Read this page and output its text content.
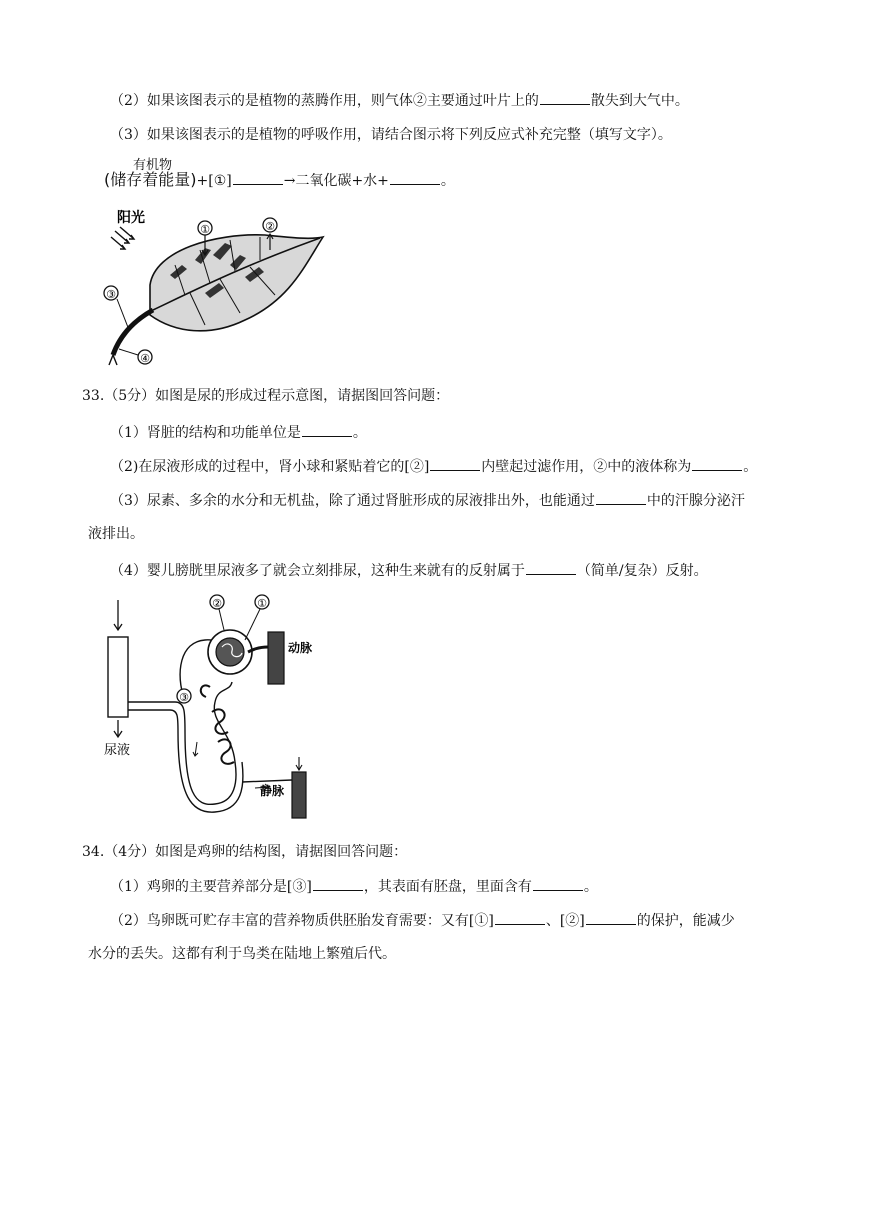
（2）如果该图表示的是植物的蒸腾作用，则气体②主要通过叶片上的	散失到大气中。
（3）如果该图表示的是植物的呼吸作用，请结合图示将下列反应式补充完整（填写文字）。
有机物
(储存着能量)+[①]	→二氧化碳+水+	。
阳光
①	②
③
④
33.（5分）如图是尿的形成过程示意图，请据图回答问题：
（1）肾脏的结构和功能单位是	。
（2)在尿液形成的过程中，肾小球和紧贴着它的[②]	内壁起过滤作用，②中的液体称为	。
（3）尿素、多余的水分和无机盐，除了通过肾脏形成的尿液排出外，也能通过	中的汗腺分泌汗
液排出。
（4）婴儿膀胱里尿液多了就会立刻排尿，这种生来就有的反射属于	（简单/复杂）反射。
尿液
动脉
静脉
①
②
③
34.（4分）如图是鸡卵的结构图，请据图回答问题：
（1）鸡卵的主要营养部分是[③]	，其表面有胚盘，里面含有	。
（2）鸟卵既可贮存丰富的营养物质供胚胎发育需要：又有[①]	、[②]	的保护，能减少
水分的丢失。这都有利于鸟类在陆地上繁殖后代。
